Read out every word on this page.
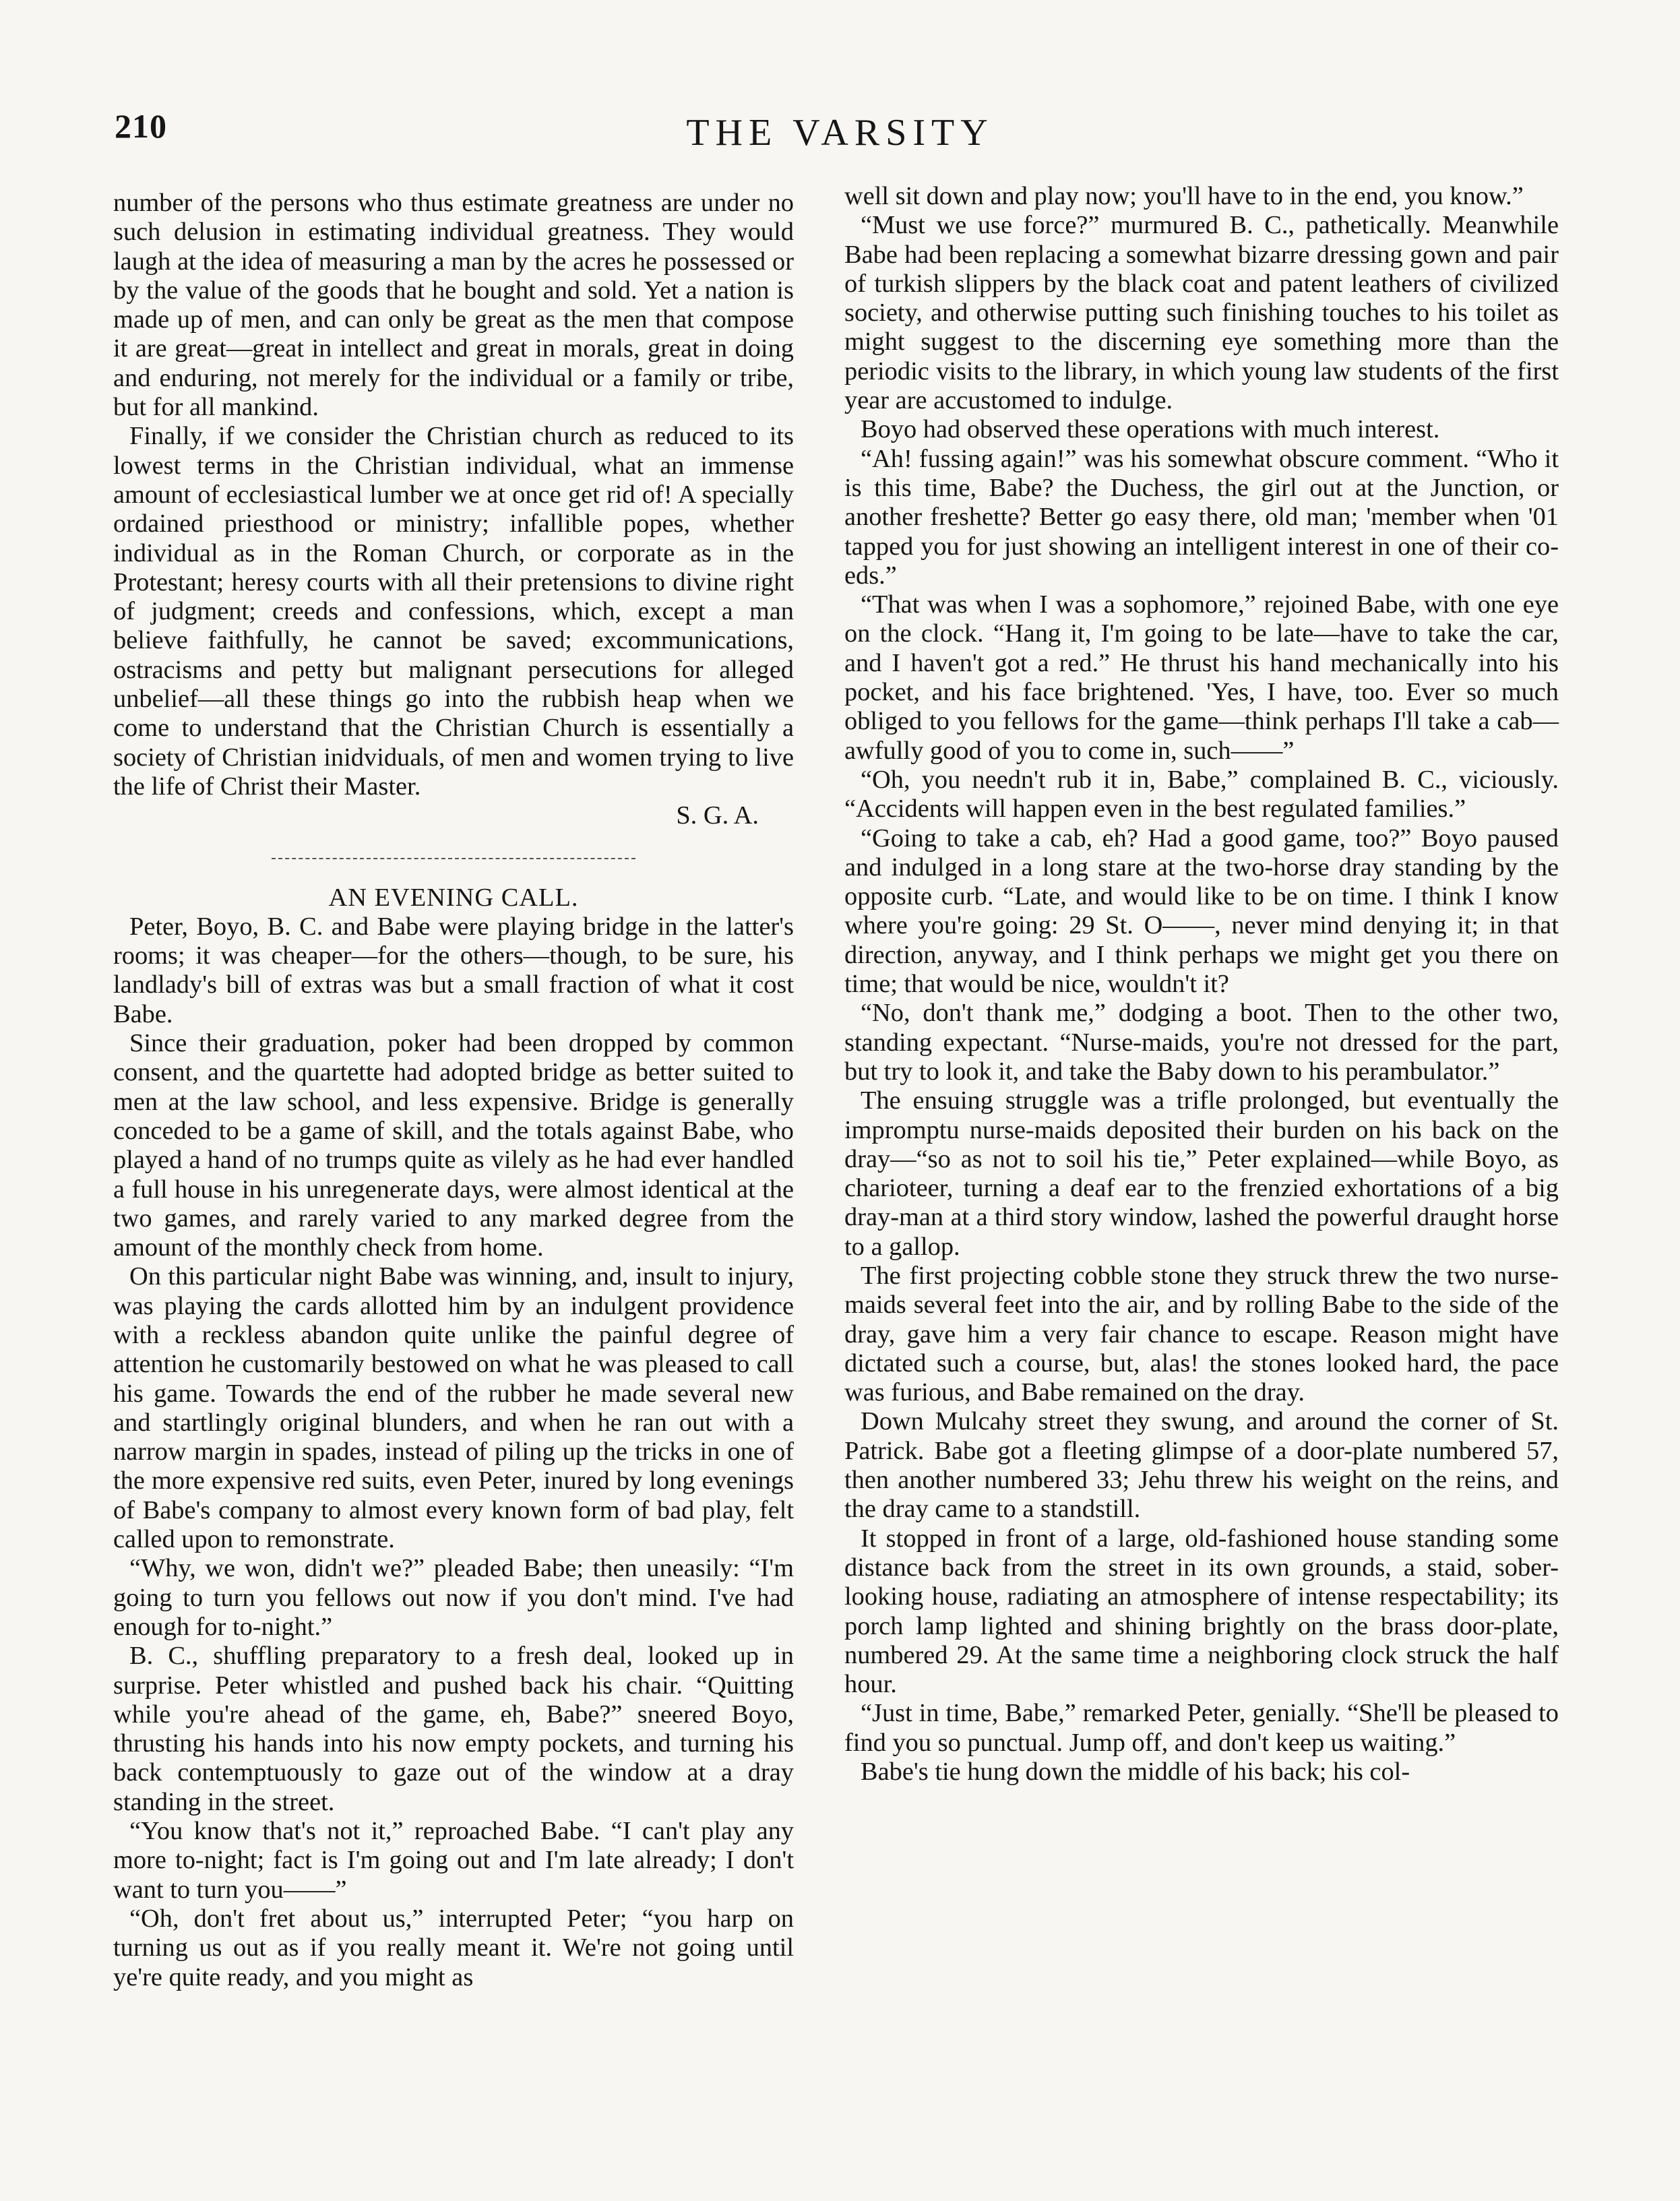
210	THE VARSITY

number of the persons who thus estimate greatness are under no such delusion in estimating individual greatness. They would laugh at the idea of measuring a man by the acres he possessed or by the value of the goods that he bought and sold. Yet a nation is made up of men, and can only be great as the men that compose it are great—great in intellect and great in morals, great in doing and enduring, not merely for the individual or a family or tribe, but for all mankind.

Finally, if we consider the Christian church as reduced to its lowest terms in the Christian individual, what an immense amount of ecclesiastical lumber we at once get rid of! A specially ordained priesthood or ministry; infallible popes, whether individual as in the Roman Church, or corporate as in the Protestant; heresy courts with all their pretensions to divine right of judgment; creeds and confessions, which, except a man believe faithfully, he cannot be saved; excommunications, ostracisms and petty but malignant persecutions for alleged unbelief—all these things go into the rubbish heap when we come to understand that the Christian Church is essentially a society of Christian inidviduals, of men and women trying to live the life of Christ their Master.

S. G. A.

AN EVENING CALL.

Peter, Boyo, B. C. and Babe were playing bridge in the latter's rooms; it was cheaper—for the others—though, to be sure, his landlady's bill of extras was but a small fraction of what it cost Babe.

Since their graduation, poker had been dropped by common consent, and the quartette had adopted bridge as better suited to men at the law school, and less expensive. Bridge is generally conceded to be a game of skill, and the totals against Babe, who played a hand of no trumps quite as vilely as he had ever handled a full house in his unregenerate days, were almost identical at the two games, and rarely varied to any marked degree from the amount of the monthly check from home.

On this particular night Babe was winning, and, insult to injury, was playing the cards allotted him by an indulgent providence with a reckless abandon quite unlike the painful degree of attention he customarily bestowed on what he was pleased to call his game. Towards the end of the rubber he made several new and startlingly original blunders, and when he ran out with a narrow margin in spades, instead of piling up the tricks in one of the more expensive red suits, even Peter, inured by long evenings of Babe's company to almost every known form of bad play, felt called upon to remonstrate.

“Why, we won, didn't we?” pleaded Babe; then uneasily: “I'm going to turn you fellows out now if you don't mind. I've had enough for to-night.”

B. C., shuffling preparatory to a fresh deal, looked up in surprise. Peter whistled and pushed back his chair. “Quitting while you're ahead of the game, eh, Babe?” sneered Boyo, thrusting his hands into his now empty pockets, and turning his back contemptuously to gaze out of the window at a dray standing in the street.

“You know that's not it,” reproached Babe. “I can't play any more to-night; fact is I'm going out and I'm late already; I don't want to turn you——”

“Oh, don't fret about us,” interrupted Peter; “you harp on turning us out as if you really meant it. We're not going until ye're quite ready, and you might as

well sit down and play now; you'll have to in the end, you know.”

“Must we use force?” murmured B. C., pathetically. Meanwhile Babe had been replacing a somewhat bizarre dressing gown and pair of turkish slippers by the black coat and patent leathers of civilized society, and otherwise putting such finishing touches to his toilet as might suggest to the discerning eye something more than the periodic visits to the library, in which young law students of the first year are accustomed to indulge.

Boyo had observed these operations with much interest.

“Ah! fussing again!” was his somewhat obscure comment. “Who it is this time, Babe? the Duchess, the girl out at the Junction, or another freshette? Better go easy there, old man; 'member when '01 tapped you for just showing an intelligent interest in one of their co-eds.”

“That was when I was a sophomore,” rejoined Babe, with one eye on the clock. “Hang it, I'm going to be late—have to take the car, and I haven't got a red.” He thrust his hand mechanically into his pocket, and his face brightened. 'Yes, I have, too. Ever so much obliged to you fellows for the game—think perhaps I'll take a cab—awfully good of you to come in, such——”

“Oh, you needn't rub it in, Babe,” complained B. C., viciously. “Accidents will happen even in the best regulated families.”

“Going to take a cab, eh? Had a good game, too?” Boyo paused and indulged in a long stare at the two-horse dray standing by the opposite curb. “Late, and would like to be on time. I think I know where you're going: 29 St. O——, never mind denying it; in that direction, anyway, and I think perhaps we might get you there on time; that would be nice, wouldn't it?

“No, don't thank me,” dodging a boot. Then to the other two, standing expectant. “Nurse-maids, you're not dressed for the part, but try to look it, and take the Baby down to his perambulator.”

The ensuing struggle was a trifle prolonged, but eventually the impromptu nurse-maids deposited their burden on his back on the dray—“so as not to soil his tie,” Peter explained—while Boyo, as charioteer, turning a deaf ear to the frenzied exhortations of a big dray-man at a third story window, lashed the powerful draught horse to a gallop.

The first projecting cobble stone they struck threw the two nurse-maids several feet into the air, and by rolling Babe to the side of the dray, gave him a very fair chance to escape. Reason might have dictated such a course, but, alas! the stones looked hard, the pace was furious, and Babe remained on the dray.

Down Mulcahy street they swung, and around the corner of St. Patrick. Babe got a fleeting glimpse of a door-plate numbered 57, then another numbered 33; Jehu threw his weight on the reins, and the dray came to a standstill.

It stopped in front of a large, old-fashioned house standing some distance back from the street in its own grounds, a staid, sober-looking house, radiating an atmosphere of intense respectability; its porch lamp lighted and shining brightly on the brass door-plate, numbered 29. At the same time a neighboring clock struck the half hour.

“Just in time, Babe,” remarked Peter, genially. “She'll be pleased to find you so punctual. Jump off, and don't keep us waiting.”

Babe's tie hung down the middle of his back; his col-
